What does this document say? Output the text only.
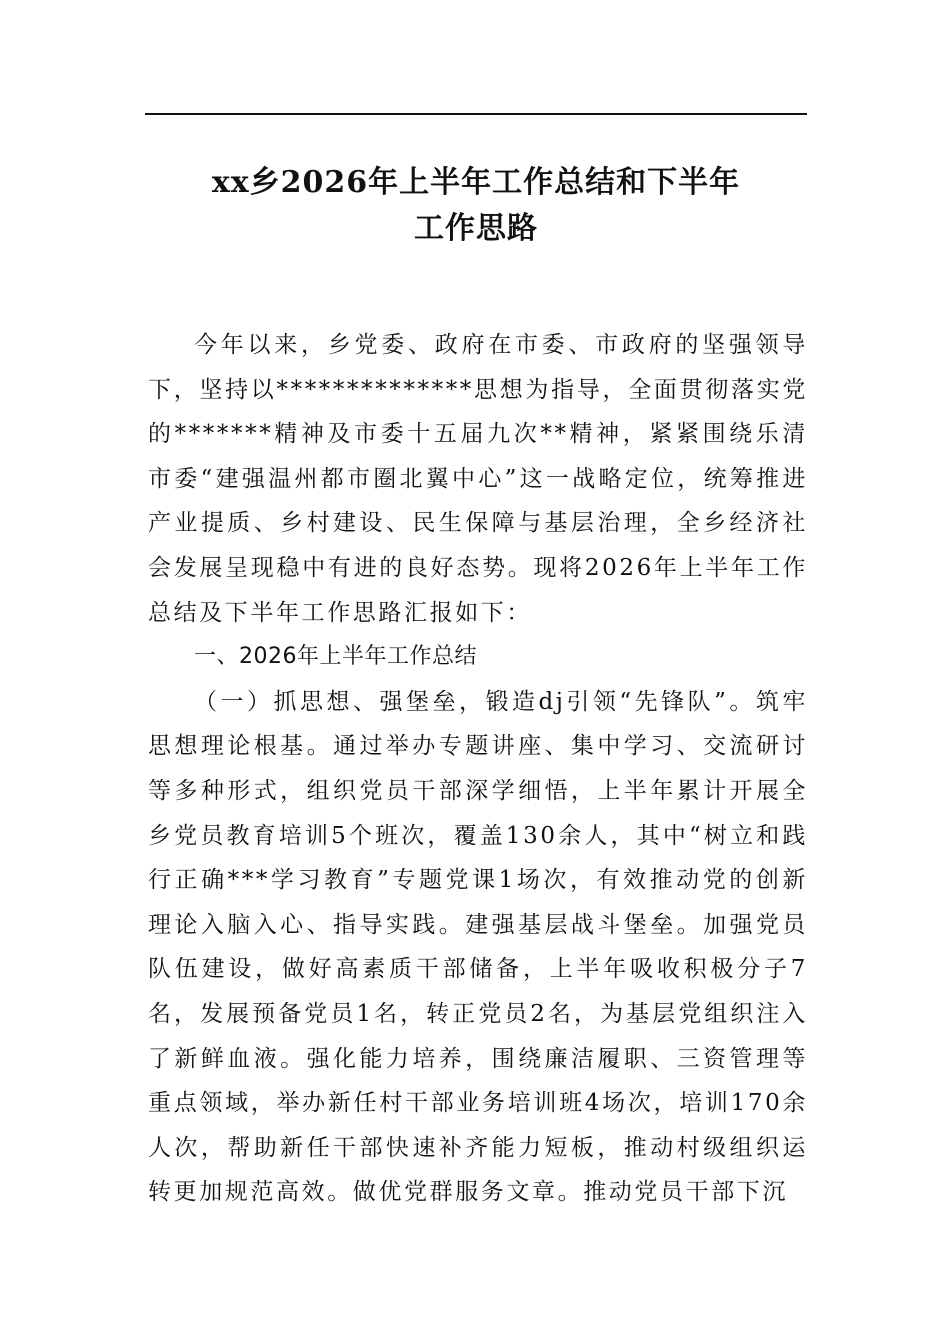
xx乡2026年上半年工作总结和下半年
工作思路

今年以来，乡党委、政府在市委、市政府的坚强领导下，坚持以**************思想为指导，全面贯彻落实党的*******精神及市委十五届九次**精神，紧紧围绕乐清市委“建强温州都市圈北翼中心”这一战略定位，统筹推进产业提质、乡村建设、民生保障与基层治理，全乡经济社会发展呈现稳中有进的良好态势。现将2026年上半年工作总结及下半年工作思路汇报如下：

一、2026年上半年工作总结

（一）抓思想、强堡垒，锻造dj引领“先锋队”。筑牢思想理论根基。通过举办专题讲座、集中学习、交流研讨等多种形式，组织党员干部深学细悟，上半年累计开展全乡党员教育培训5个班次，覆盖130余人，其中“树立和践行正确***学习教育”专题党课1场次，有效推动党的创新理论入脑入心、指导实践。建强基层战斗堡垒。加强党员队伍建设，做好高素质干部储备，上半年吸收积极分子7名，发展预备党员1名，转正党员2名，为基层党组织注入了新鲜血液。强化能力培养，围绕廉洁履职、三资管理等重点领域，举办新任村干部业务培训班4场次，培训170余人次，帮助新任干部快速补齐能力短板，推动村级组织运转更加规范高效。做优党群服务文章。推动党员干部下沉
